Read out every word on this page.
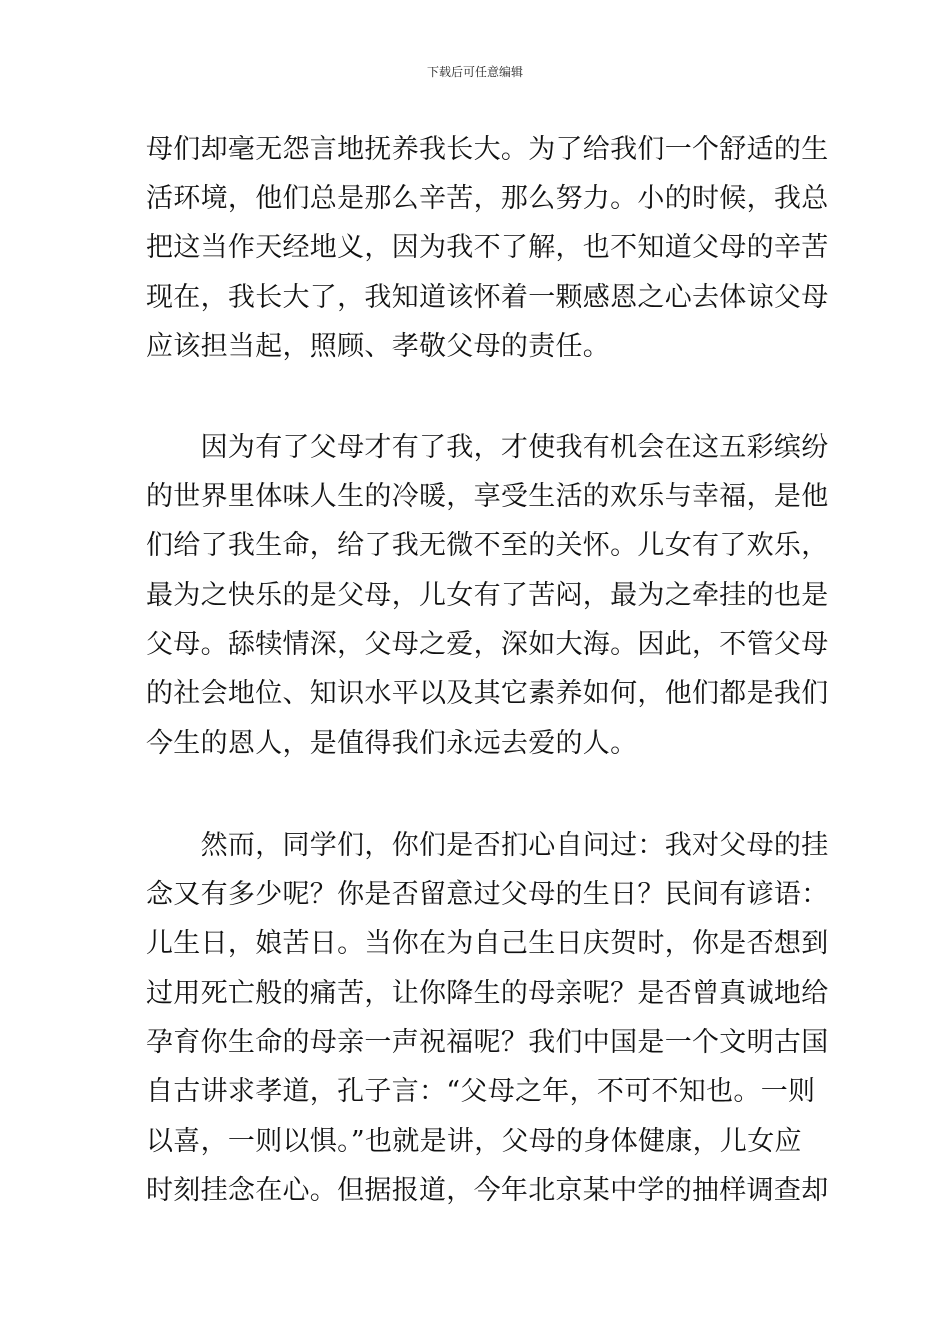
下载后可任意编辑
母们却毫无怨言地抚养我长大。为了给我们一个舒适的生
活环境，他们总是那么辛苦，那么努力。小的时候，我总
把这当作天经地义，因为我不了解，也不知道父母的辛苦
现在，我长大了，我知道该怀着一颗感恩之心去体谅父母
应该担当起，照顾、孝敬父母的责任。
　　因为有了父母才有了我，才使我有机会在这五彩缤纷
的世界里体味人生的冷暖，享受生活的欢乐与幸福，是他
们给了我生命，给了我无微不至的关怀。儿女有了欢乐，
最为之快乐的是父母，儿女有了苦闷，最为之牵挂的也是
父母。舔犊情深，父母之爱，深如大海。因此，不管父母
的社会地位、知识水平以及其它素养如何，他们都是我们
今生的恩人，是值得我们永远去爱的人。
　　然而，同学们，你们是否扪心自问过：我对父母的挂
念又有多少呢？你是否留意过父母的生日？民间有谚语：
儿生日，娘苦日。当你在为自己生日庆贺时，你是否想到
过用死亡般的痛苦，让你降生的母亲呢？是否曾真诚地给
孕育你生命的母亲一声祝福呢？我们中国是一个文明古国
自古讲求孝道，孔子言：“父母之年，不可不知也。一则
以喜，一则以惧。”也就是讲，父母的身体健康，儿女应
时刻挂念在心。但据报道，今年北京某中学的抽样调查却
